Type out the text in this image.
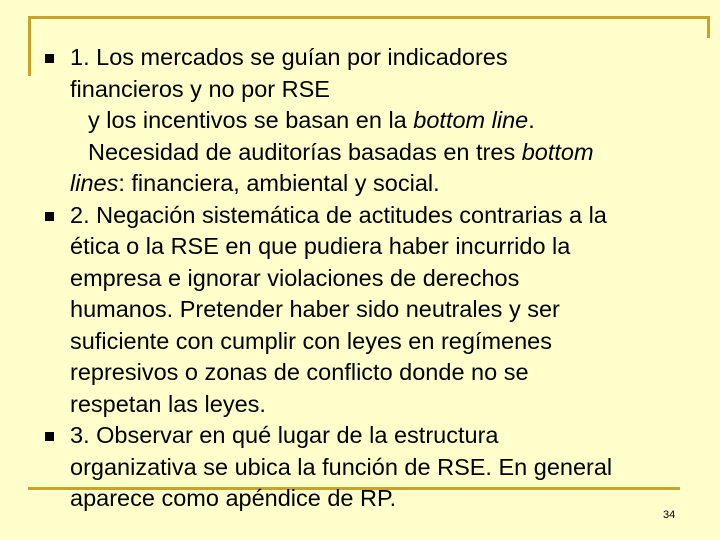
1. Los mercados se guían por indicadores
financieros y no por RSE
y los incentivos se basan en la bottom line.
Necesidad de auditorías basadas en tres bottom
lines: financiera, ambiental y social.
2. Negación sistemática de actitudes contrarias a la
ética o la RSE en que pudiera haber incurrido la
empresa e ignorar violaciones de derechos
humanos. Pretender haber sido neutrales y ser
suficiente con cumplir con leyes en regímenes
represivos o zonas de conflicto donde no se
respetan las leyes.
3. Observar en qué lugar de la estructura
organizativa se ubica la función de RSE. En general
aparece como apéndice de RP.
34
